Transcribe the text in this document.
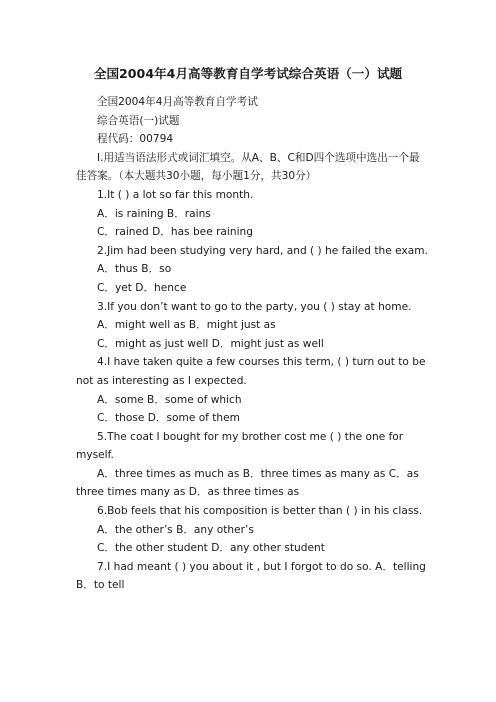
全国2004年4月高等教育自学考试综合英语（一）试题

全国2004年4月高等教育自学考试

综合英语(一)试题

程代码：00794

I.用适当语法形式或词汇填空。从A、B、C和D四个选项中选出一个最佳答案。（本大题共30小题，每小题1分，共30分）

1.It ( ) a lot so far this month.

A．is raining B．rains

C．rained D．has bee raining

2.Jim had been studying very hard, and ( ) he failed the exam.

A．thus B．so

C．yet D．hence

3.If you don’t want to go to the party, you ( ) stay at home.

A．might well as B．might just as

C．might as just well D．might just as well

4.I have taken quite a few courses this term, ( ) turn out to be not as interesting as I expected.

A．some B．some of which

C．those D．some of them

5.The coat I bought for my brother cost me ( ) the one for myself.

A．three times as much as B．three times as many as C．as three times many as D．as three times as

6.Bob feels that his composition is better than ( ) in his class.

A．the other’s B．any other’s

C．the other student D．any other student

7.I had meant ( ) you about it , but I forgot to do so. A．telling B．to tell
